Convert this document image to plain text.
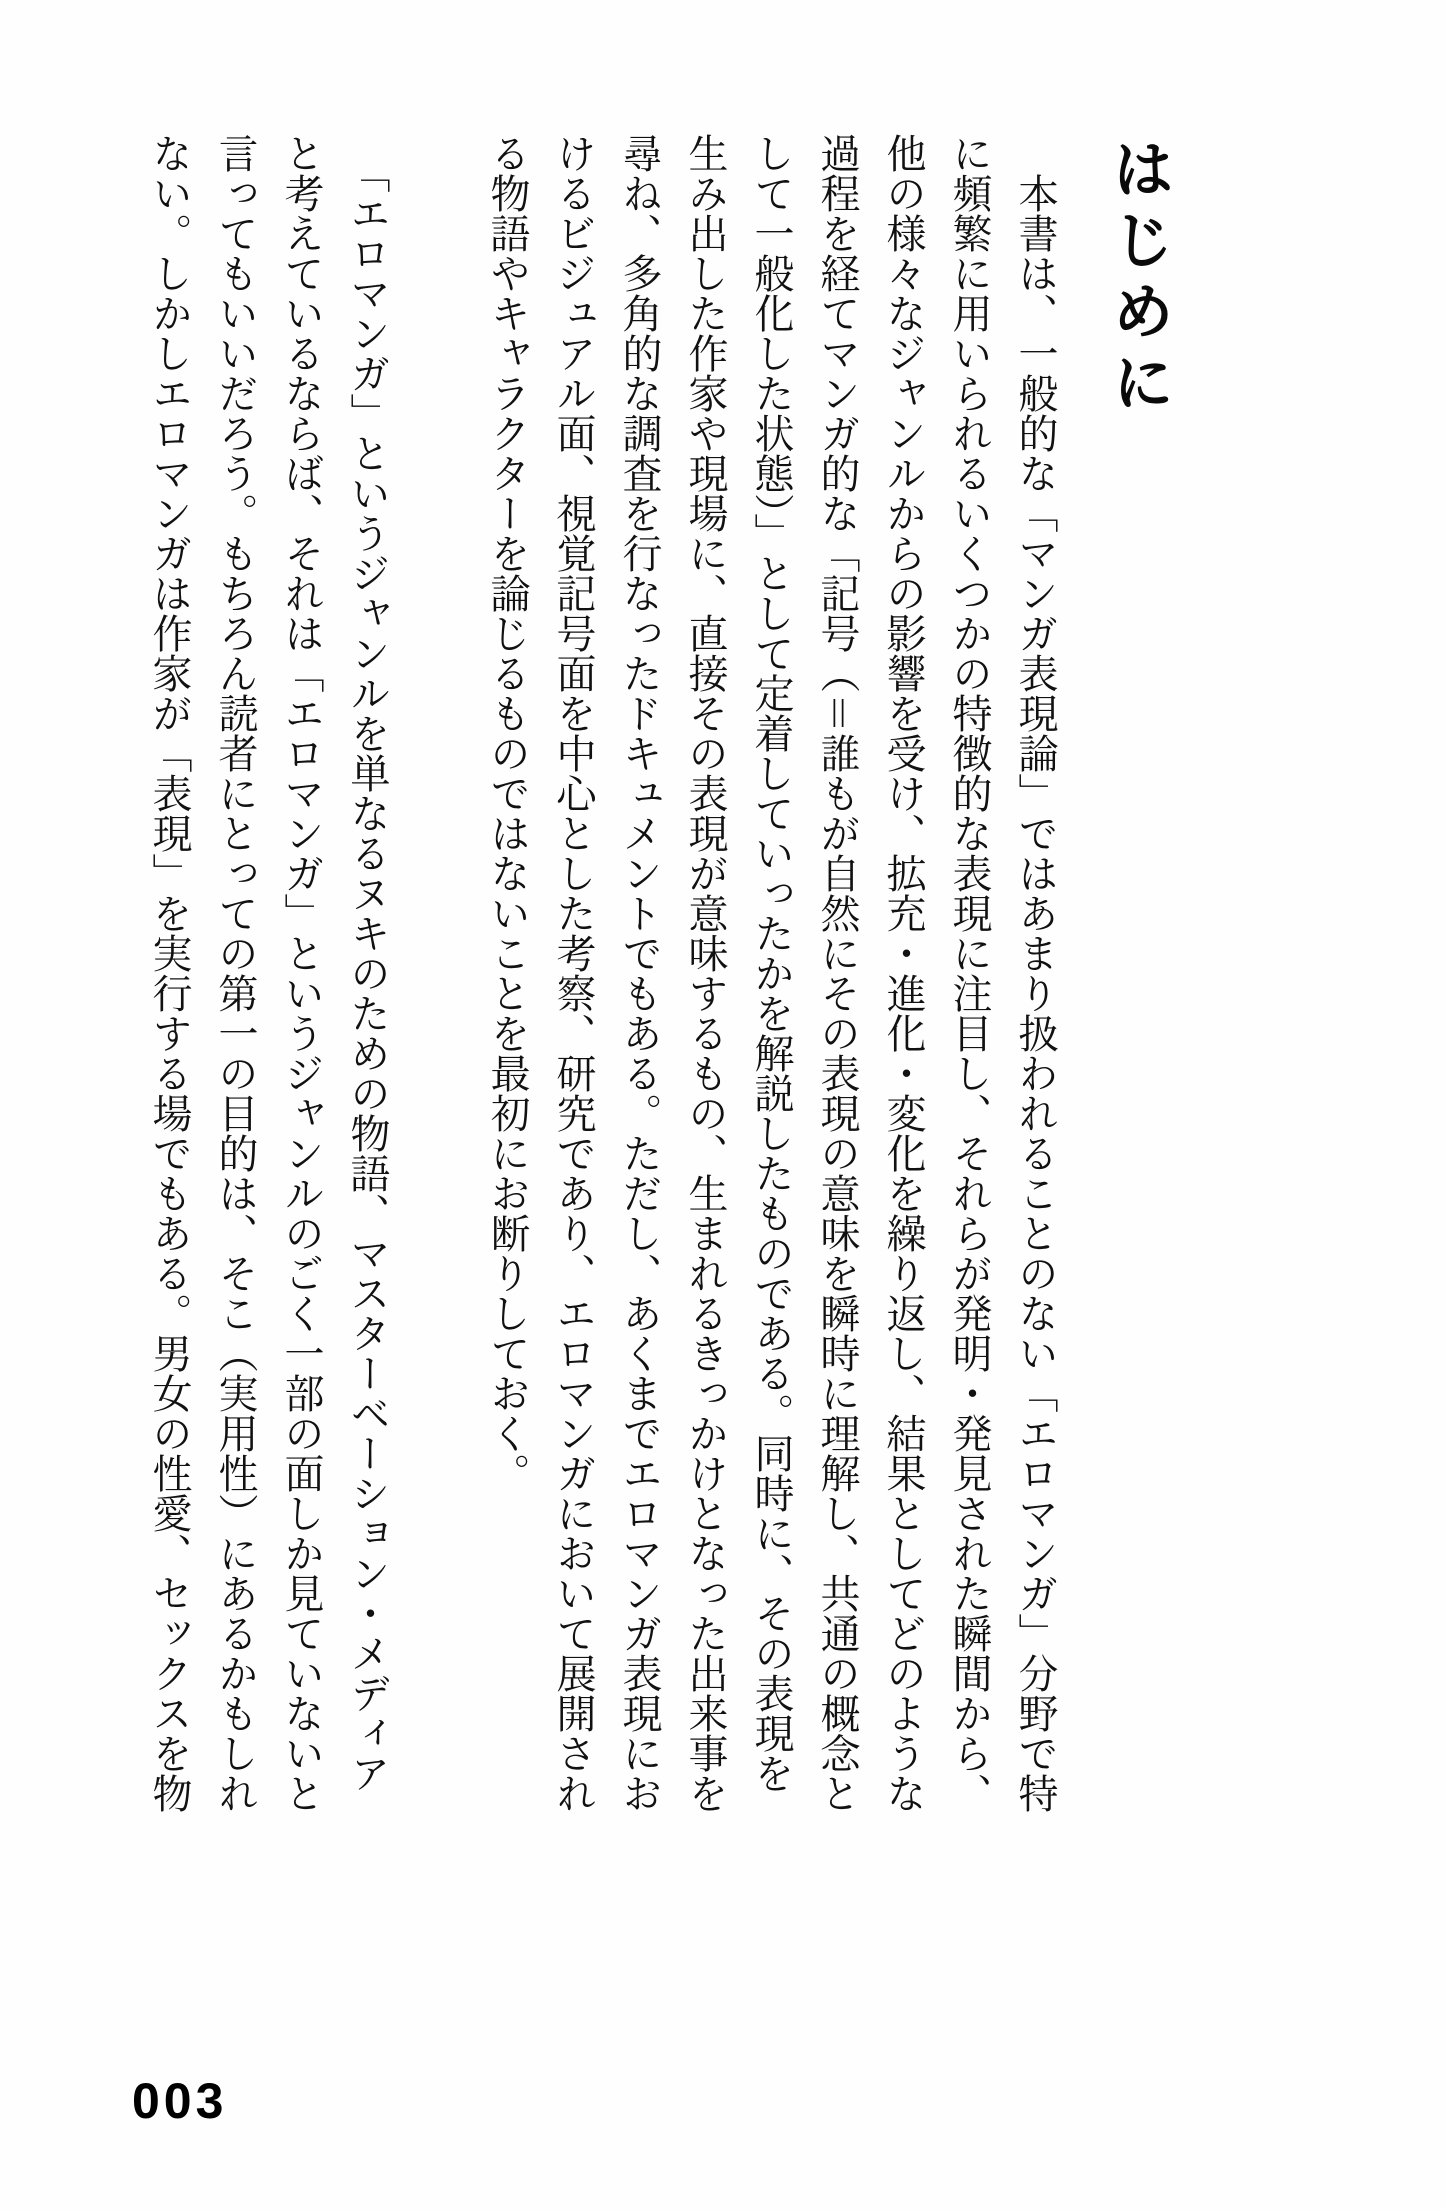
はじめに

　本書は、一般的な「マンガ表現論」ではあまり扱われることのない「エロマンガ」分野で特
に頻繁に用いられるいくつかの特徴的な表現に注目し、それらが発明・発見された瞬間から、
他の様々なジャンルからの影響を受け、拡充・進化・変化を繰り返し、結果としてどのような
過程を経てマンガ的な「記号（＝誰もが自然にその表現の意味を瞬時に理解し、共通の概念と
して一般化した状態）」として定着していったかを解説したものである。同時に、その表現を
生み出した作家や現場に、直接その表現が意味するもの、生まれるきっかけとなった出来事を
尋ね、多角的な調査を行なったドキュメントでもある。ただし、あくまでエロマンガ表現にお
けるビジュアル面、視覚記号面を中心とした考察、研究であり、エロマンガにおいて展開され
る物語やキャラクターを論じるものではないことを最初にお断りしておく。

　「エロマンガ」というジャンルを単なるヌキのための物語、マスターベーション・メディア
と考えているならば、それは「エロマンガ」というジャンルのごく一部の面しか見ていないと
言ってもいいだろう。もちろん読者にとっての第一の目的は、そこ（実用性）にあるかもしれ
ない。しかしエロマンガは作家が「表現」を実行する場でもある。男女の性愛、セックスを物

003
